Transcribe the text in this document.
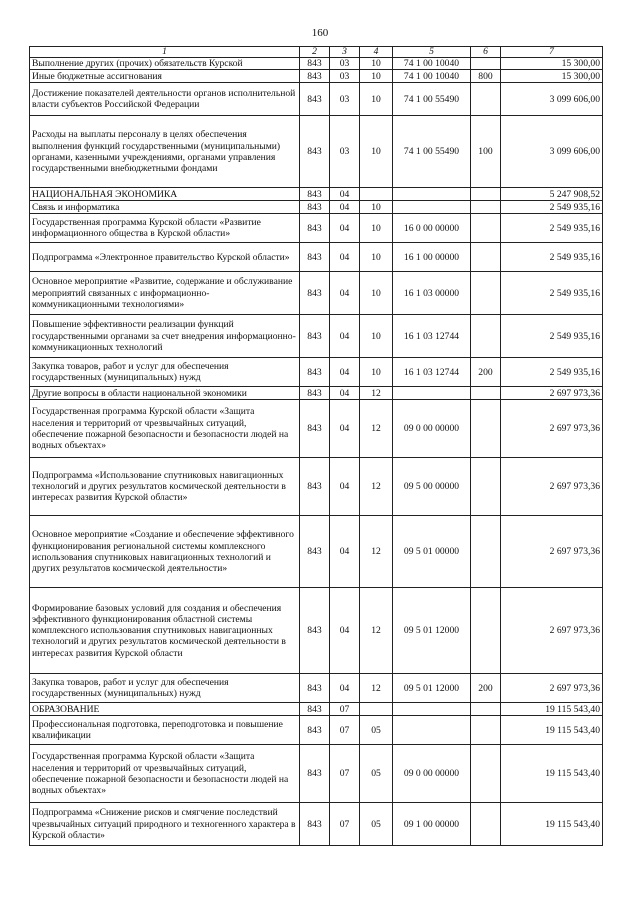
160
1	2	3	4	5	6	7
Выполнение других (прочих) обязательств Курской	843	03	10	74 1 00 10040		15 300,00
Иные бюджетные ассигнования	843	03	10	74 1 00 10040	800	15 300,00
Достижение показателей деятельности органов исполнительной власти субъектов Российской Федерации	843	03	10	74 1 00 55490		3 099 606,00
Расходы на выплаты персоналу в целях обеспечения выполнения функций государственными (муниципальными) органами, казенными учреждениями, органами управления государственными внебюджетными фондами	843	03	10	74 1 00 55490	100	3 099 606,00
НАЦИОНАЛЬНАЯ ЭКОНОМИКА	843	04				5 247 908,52
Связь и информатика	843	04	10			2 549 935,16
Государственная программа Курской области «Развитие информационного общества в Курской области»	843	04	10	16 0 00 00000		2 549 935,16
Подпрограмма «Электронное правительство Курской области»	843	04	10	16 1 00 00000		2 549 935,16
Основное мероприятие «Развитие, содержание и обслуживание мероприятий связанных с информационно-коммуникационными технологиями»	843	04	10	16 1 03 00000		2 549 935,16
Повышение эффективности реализации функций государственными органами за счет внедрения информационно-коммуникационных технологий	843	04	10	16 1 03 12744		2 549 935,16
Закупка товаров, работ и услуг для обеспечения государственных (муниципальных) нужд	843	04	10	16 1 03 12744	200	2 549 935,16
Другие вопросы в области национальной экономики	843	04	12			2 697 973,36
Государственная программа Курской области «Защита населения и территорий от чрезвычайных ситуаций, обеспечение пожарной безопасности и безопасности людей на водных объектах»	843	04	12	09 0 00 00000		2 697 973,36
Подпрограмма «Использование спутниковых навигационных технологий и других результатов космической деятельности в интересах развития Курской области»	843	04	12	09 5 00 00000		2 697 973,36
Основное мероприятие «Создание и обеспечение эффективного функционирования региональной системы комплексного использования спутниковых навигационных технологий и других результатов космической деятельности»	843	04	12	09 5 01 00000		2 697 973,36
Формирование базовых условий для создания и обеспечения эффективного функционирования областной системы комплексного использования спутниковых навигационных технологий и других результатов космической деятельности в интересах развития Курской области	843	04	12	09 5 01 12000		2 697 973,36
Закупка товаров, работ и услуг для обеспечения государственных (муниципальных) нужд	843	04	12	09 5 01 12000	200	2 697 973,36
ОБРАЗОВАНИЕ	843	07				19 115 543,40
Профессиональная подготовка, переподготовка и повышение квалификации	843	07	05			19 115 543,40
Государственная программа Курской области «Защита населения и территорий от чрезвычайных ситуаций, обеспечение пожарной безопасности и безопасности людей на водных объектах»	843	07	05	09 0 00 00000		19 115 543,40
Подпрограмма «Снижение рисков и смягчение последствий чрезвычайных ситуаций природного и техногенного характера в Курской области»	843	07	05	09 1 00 00000		19 115 543,40
